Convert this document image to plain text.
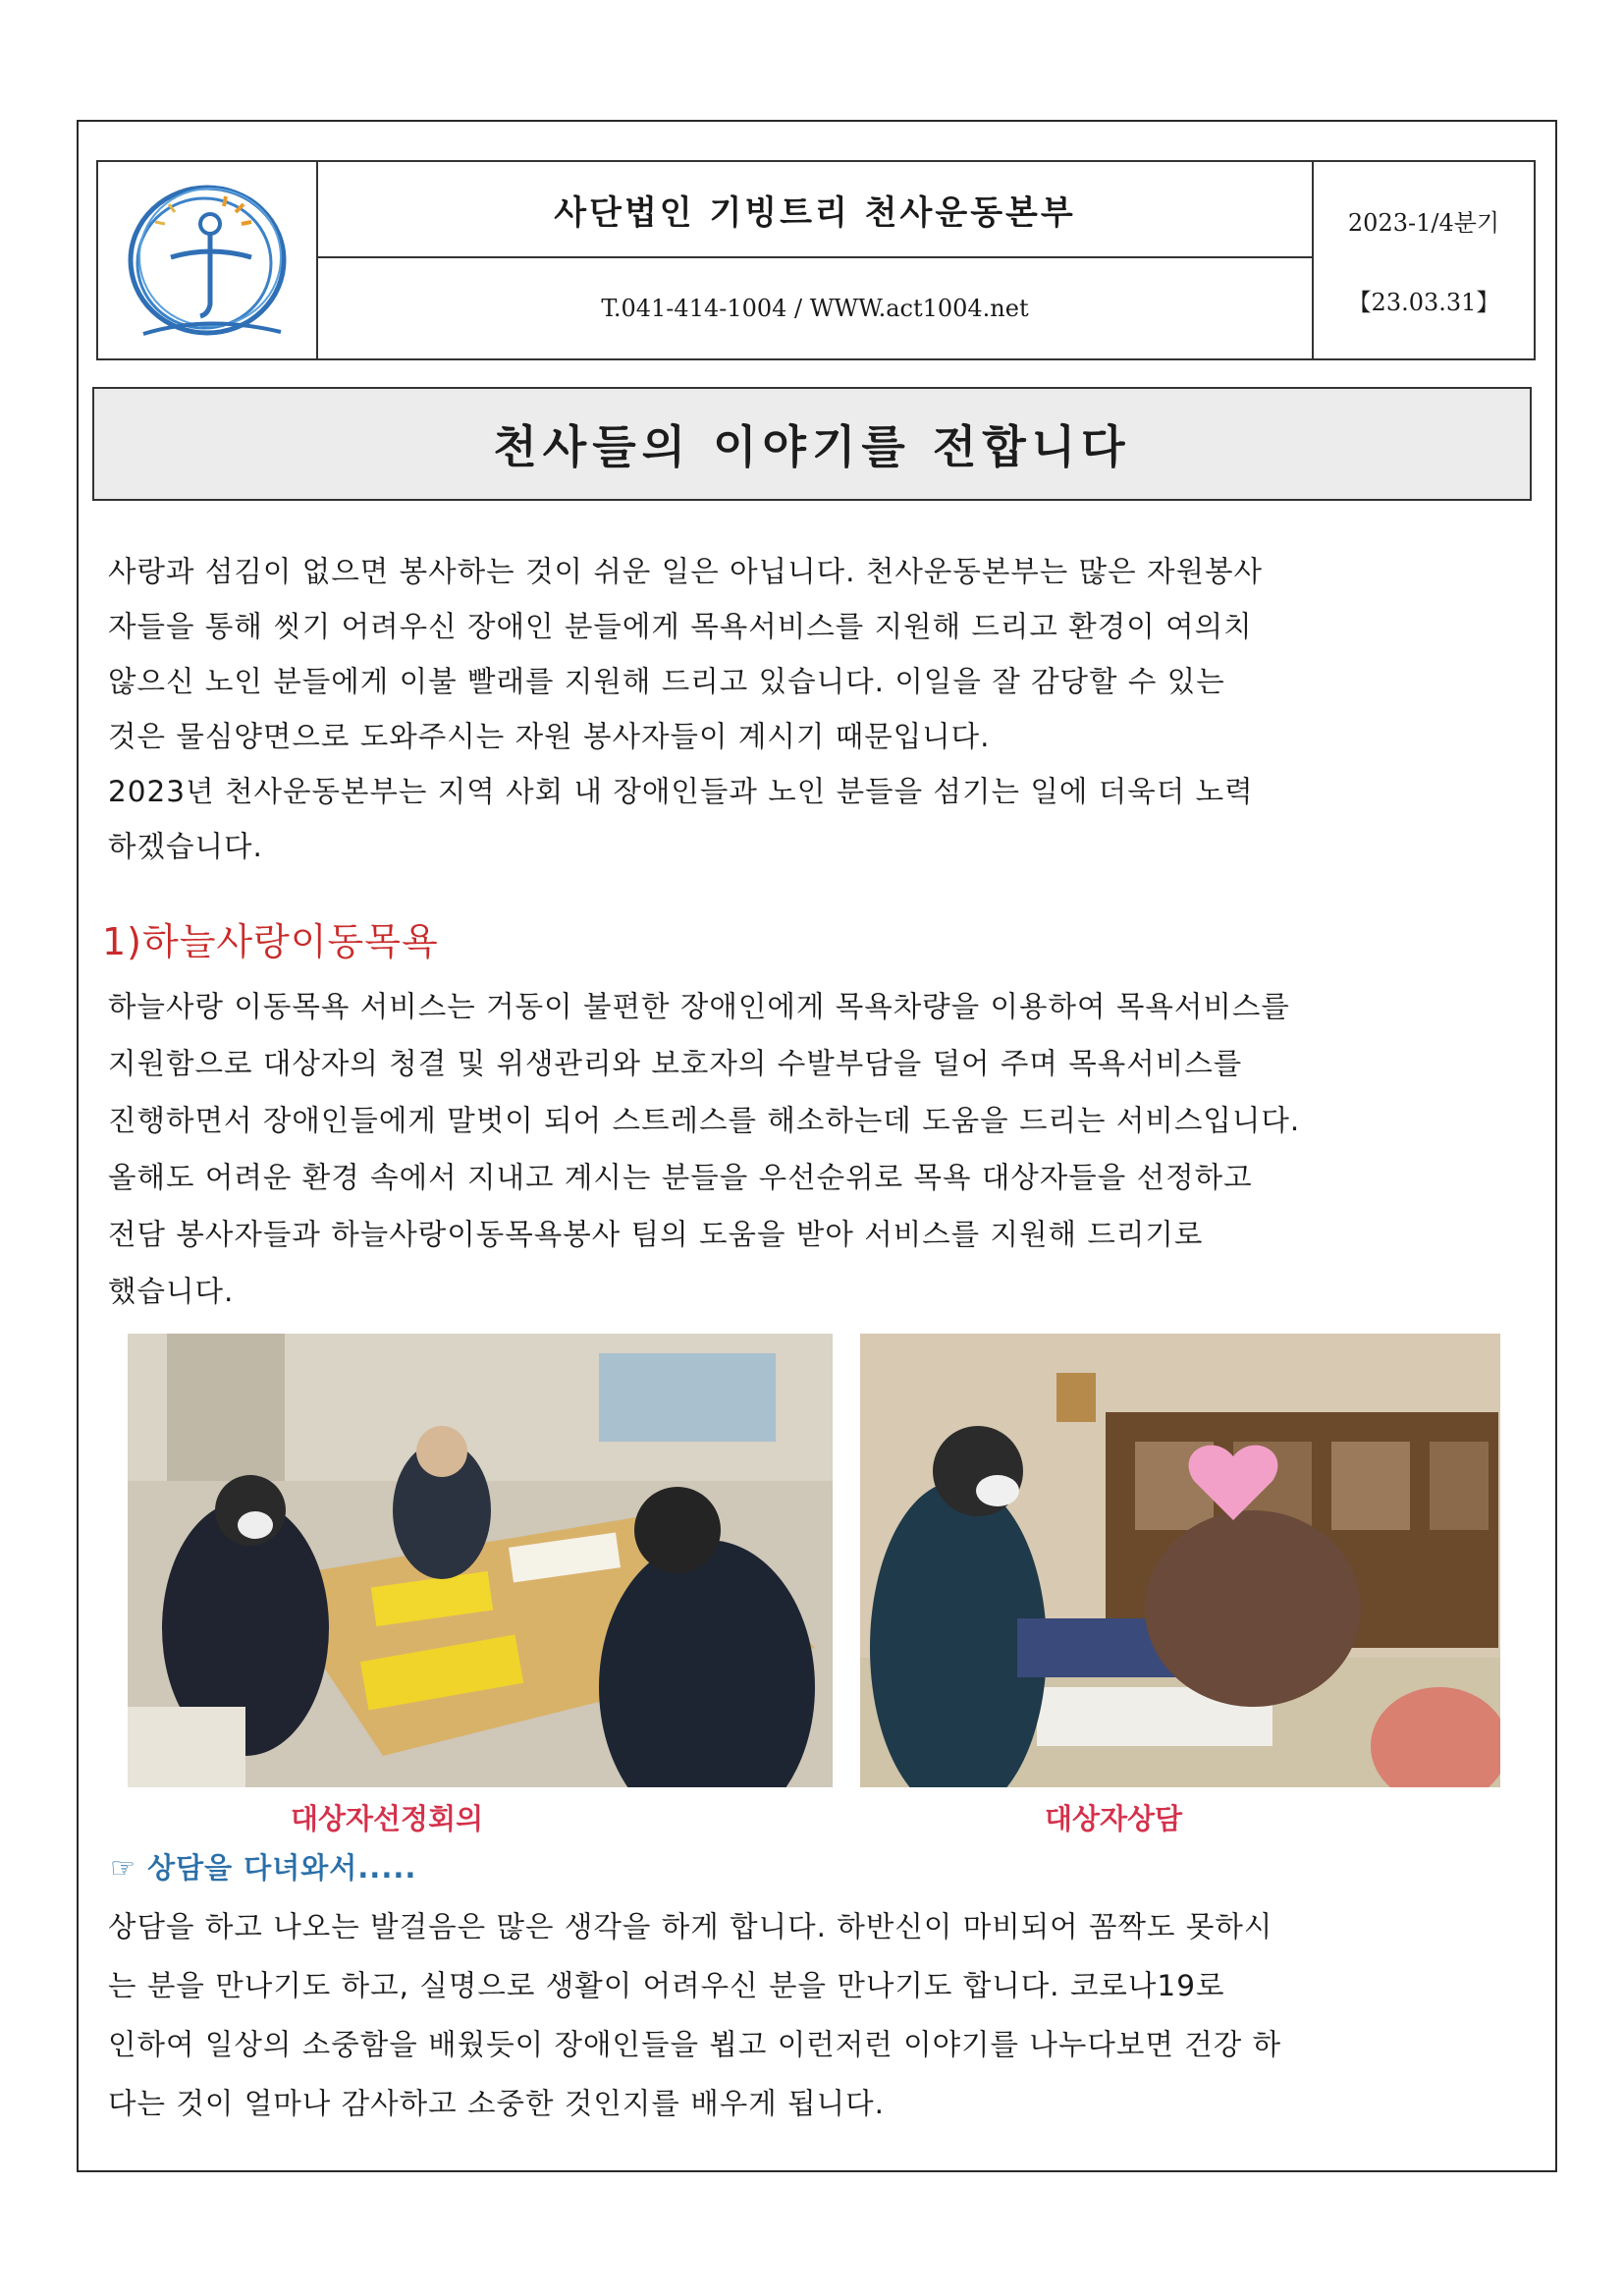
사단법인 기빙트리 천사운동본부	2023-1/4분기
【23.03.31】
T.041-414-1004 / WWW.act1004.net
천사들의 이야기를 전합니다

사랑과 섬김이 없으면 봉사하는 것이 쉬운 일은 아닙니다. 천사운동본부는 많은 자원봉사

자들을 통해 씻기 어려우신 장애인 분들에게 목욕서비스를 지원해 드리고 환경이 여의치

않으신 노인 분들에게 이불 빨래를 지원해 드리고 있습니다. 이일을 잘 감당할 수 있는

것은 물심양면으로 도와주시는 자원 봉사자들이 계시기 때문입니다.

2023년 천사운동본부는 지역 사회 내 장애인들과 노인 분들을 섬기는 일에 더욱더 노력

하겠습니다.

1)하늘사랑이동목욕

하늘사랑 이동목욕 서비스는 거동이 불편한 장애인에게 목욕차량을 이용하여 목욕서비스를

지원함으로 대상자의 청결 및 위생관리와 보호자의 수발부담을 덜어 주며 목욕서비스를

진행하면서 장애인들에게 말벗이 되어 스트레스를 해소하는데 도움을 드리는 서비스입니다.

올해도 어려운 환경 속에서 지내고 계시는 분들을 우선순위로 목욕 대상자들을 선정하고

전담 봉사자들과 하늘사랑이동목욕봉사 팀의 도움을 받아 서비스를 지원해 드리기로

했습니다.

대상자선정회의	대상자상담
☞ 상담을 다녀와서.....

상담을 하고 나오는 발걸음은 많은 생각을 하게 합니다. 하반신이 마비되어 꼼짝도 못하시

는 분을 만나기도 하고, 실명으로 생활이 어려우신 분을 만나기도 합니다. 코로나19로

인하여 일상의 소중함을 배웠듯이 장애인들을 뵙고 이런저런 이야기를 나누다보면 건강 하

다는 것이 얼마나 감사하고 소중한 것인지를 배우게 됩니다.
